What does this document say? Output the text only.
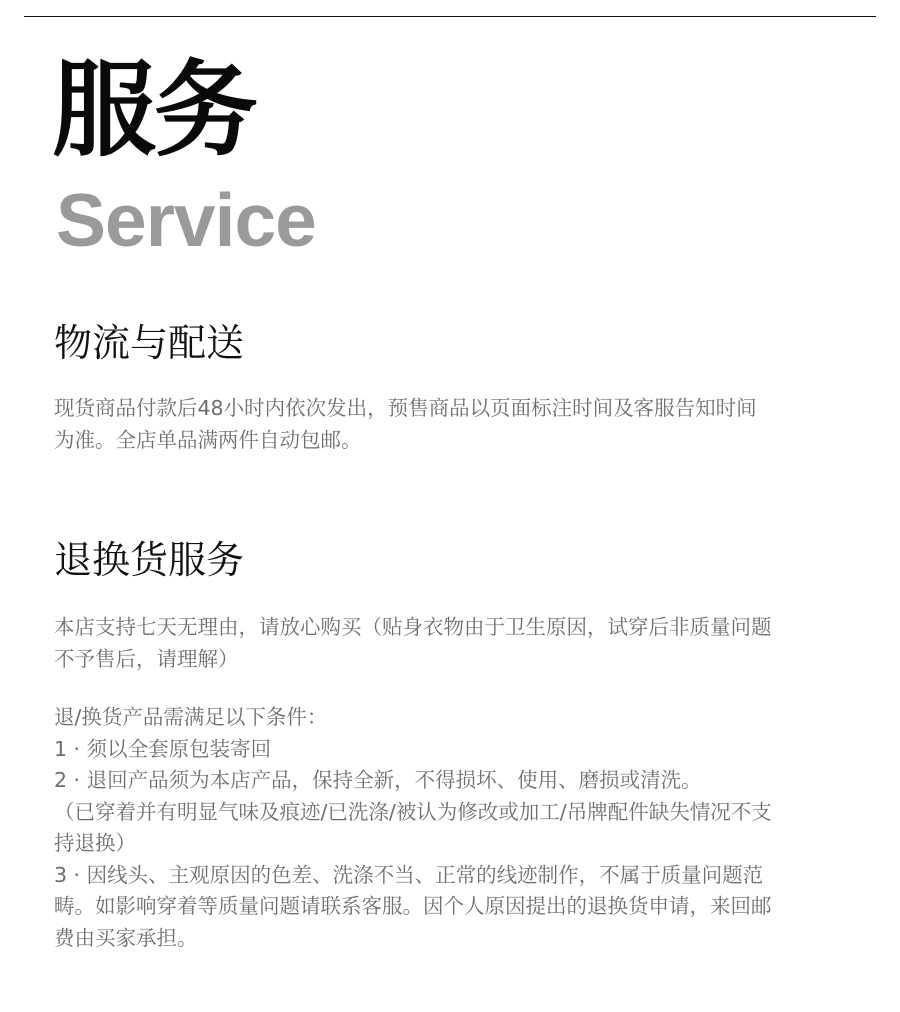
服务
Service
物流与配送
现货商品付款后48小时内依次发出，预售商品以页面标注时间及客服告知时间
为准。全店单品满两件自动包邮。
退换货服务
本店支持七天无理由，请放心购买（贴身衣物由于卫生原因，试穿后非质量问题
不予售后，请理解）
退/换货产品需满足以下条件：
1 · 须以全套原包装寄回
2 · 退回产品须为本店产品，保持全新，不得损坏、使用、磨损或清洗。
（已穿着并有明显气味及痕迹/已洗涤/被认为修改或加工/吊牌配件缺失情况不支
持退换）
3 · 因线头、主观原因的色差、洗涤不当、正常的线迹制作，不属于质量问题范
畴。如影响穿着等质量问题请联系客服。因个人原因提出的退换货申请，来回邮
费由买家承担。
